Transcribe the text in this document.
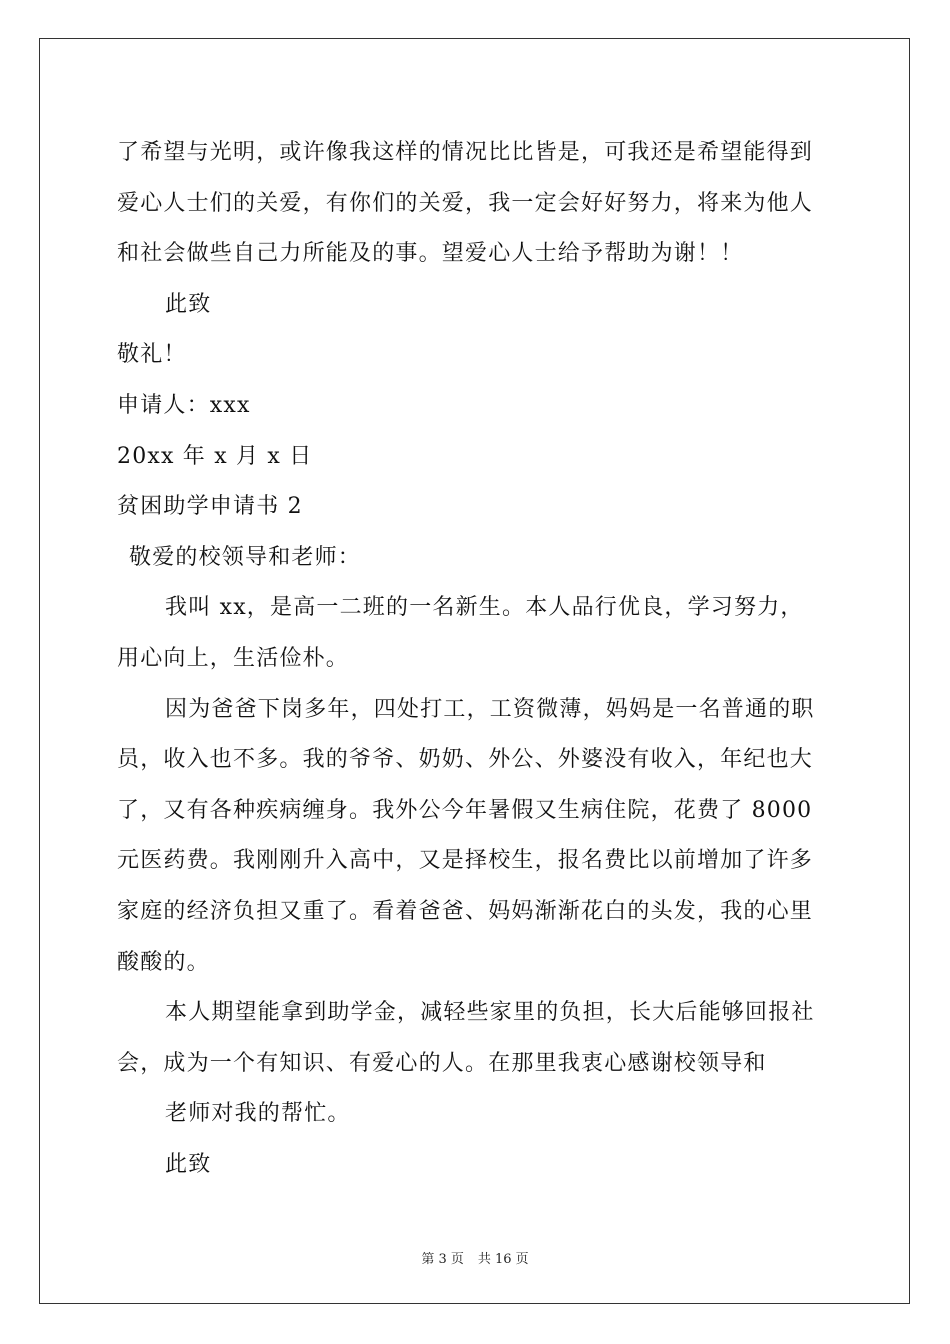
了希望与光明，或许像我这样的情况比比皆是，可我还是希望能得到
爱心人士们的关爱，有你们的关爱，我一定会好好努力，将来为他人
和社会做些自己力所能及的事。望爱心人士给予帮助为谢！！
此致
敬礼！
申请人：xxx
20xx 年 x 月 x 日
贫困助学申请书 2
敬爱的校领导和老师：
我叫 xx，是高一二班的一名新生。本人品行优良，学习努力，
用心向上，生活俭朴。
因为爸爸下岗多年，四处打工，工资微薄，妈妈是一名普通的职
员，收入也不多。我的爷爷、奶奶、外公、外婆没有收入，年纪也大
了，又有各种疾病缠身。我外公今年暑假又生病住院，花费了 8000
元医药费。我刚刚升入高中，又是择校生，报名费比以前增加了许多
家庭的经济负担又重了。看着爸爸、妈妈渐渐花白的头发，我的心里
酸酸的。
本人期望能拿到助学金，减轻些家里的负担，长大后能够回报社
会，成为一个有知识、有爱心的人。在那里我衷心感谢校领导和
老师对我的帮忙。
此致
第 3 页 共 16 页
